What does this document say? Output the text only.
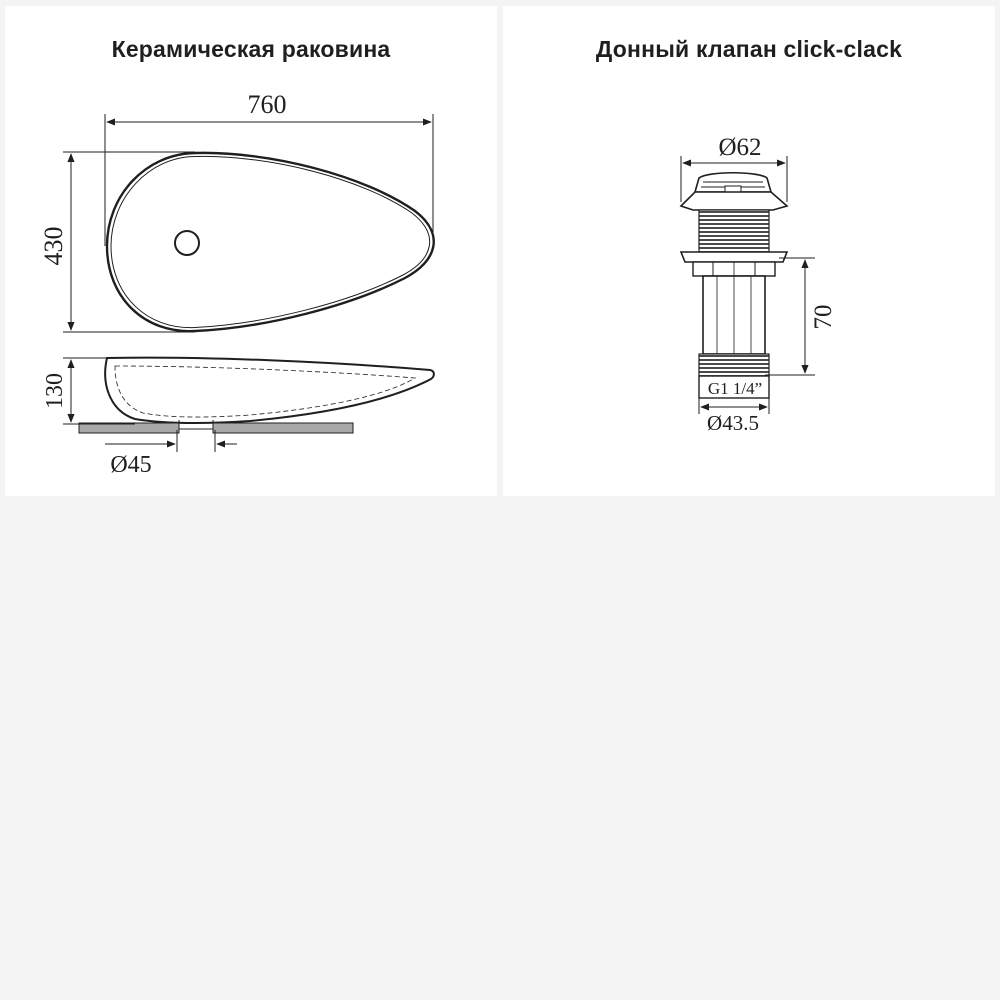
Керамическая раковина
760
430
130
Ø45
Донный клапан click-clack
Ø62
G1 1/4”
70
Ø43.5
